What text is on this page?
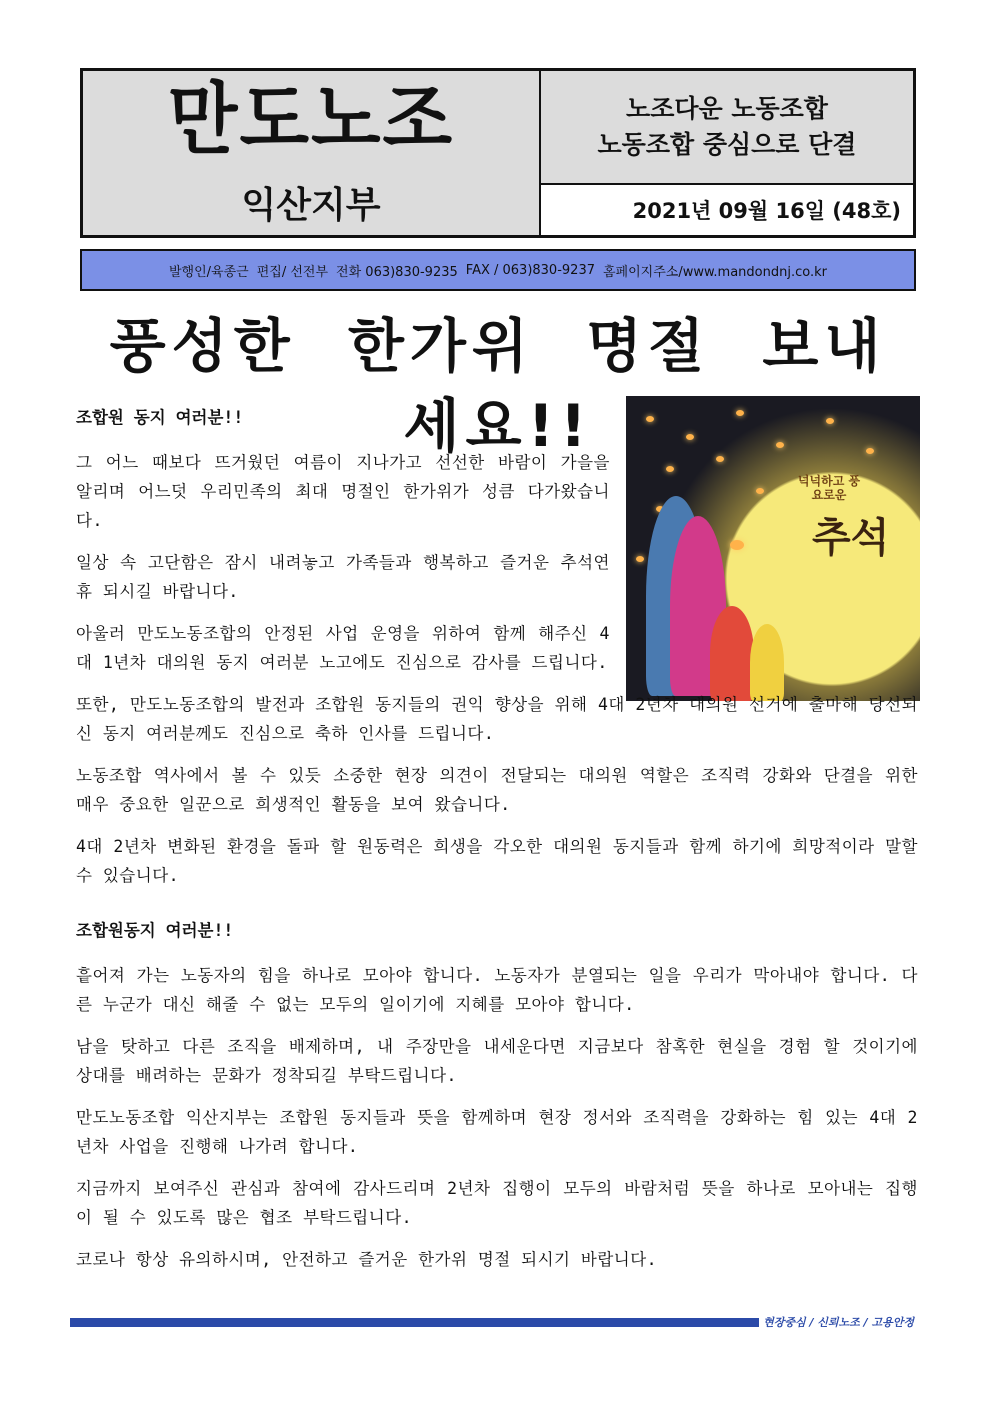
만도노조
익산지부
노조다운 노동조합
노동조합 중심으로 단결
2021년 09월 16일 (48호)
발행인/육종근 편집/ 선전부 전화 063)830-9235 FAX / 063)830-9237 홈페이지주소/www.mandondnj.co.kr
풍성한 한가위 명절 보내세요!!
넉넉하고 풍요로운
추석
조합원 동지 여러분!!

그 어느 때보다 뜨거웠던 여름이 지나가고 선선한 바람이 가을을 알리며 어느덧 우리민족의 최대 명절인 한가위가 성큼 다가왔습니다.

일상 속 고단함은 잠시 내려놓고 가족들과 행복하고 즐거운 추석연휴 되시길 바랍니다.

아울러 만도노동조합의 안정된 사업 운영을 위하여 함께 해주신 4대 1년차 대의원 동지 여러분 노고에도 진심으로 감사를 드립니다.

또한, 만도노동조합의 발전과 조합원 동지들의 권익 향상을 위해 4대 2년차 대의원 선거에 출마해 당선되신 동지 여러분께도 진심으로 축하 인사를 드립니다.

노동조합 역사에서 볼 수 있듯 소중한 현장 의견이 전달되는 대의원 역할은 조직력 강화와 단결을 위한 매우 중요한 일꾼으로 희생적인 활동을 보여 왔습니다.

4대 2년차 변화된 환경을 돌파 할 원동력은 희생을 각오한 대의원 동지들과 함께 하기에 희망적이라 말할 수 있습니다.

조합원동지 여러분!!

흩어져 가는 노동자의 힘을 하나로 모아야 합니다. 노동자가 분열되는 일을 우리가 막아내야 합니다. 다른 누군가 대신 해줄 수 없는 모두의 일이기에 지혜를 모아야 합니다.

남을 탓하고 다른 조직을 배제하며, 내 주장만을 내세운다면 지금보다 참혹한 현실을 경험 할 것이기에 상대를 배려하는 문화가 정착되길 부탁드립니다.

만도노동조합 익산지부는 조합원 동지들과 뜻을 함께하며 현장 정서와 조직력을 강화하는 힘 있는 4대 2년차 사업을 진행해 나가려 합니다.

지금까지 보여주신 관심과 참여에 감사드리며 2년차 집행이 모두의 바람처럼 뜻을 하나로 모아내는 집행이 될 수 있도록 많은 협조 부탁드립니다.

코로나 항상 유의하시며, 안전하고 즐거운 한가위 명절 되시기 바랍니다.

현장중심 / 신뢰노조 / 고용안정
